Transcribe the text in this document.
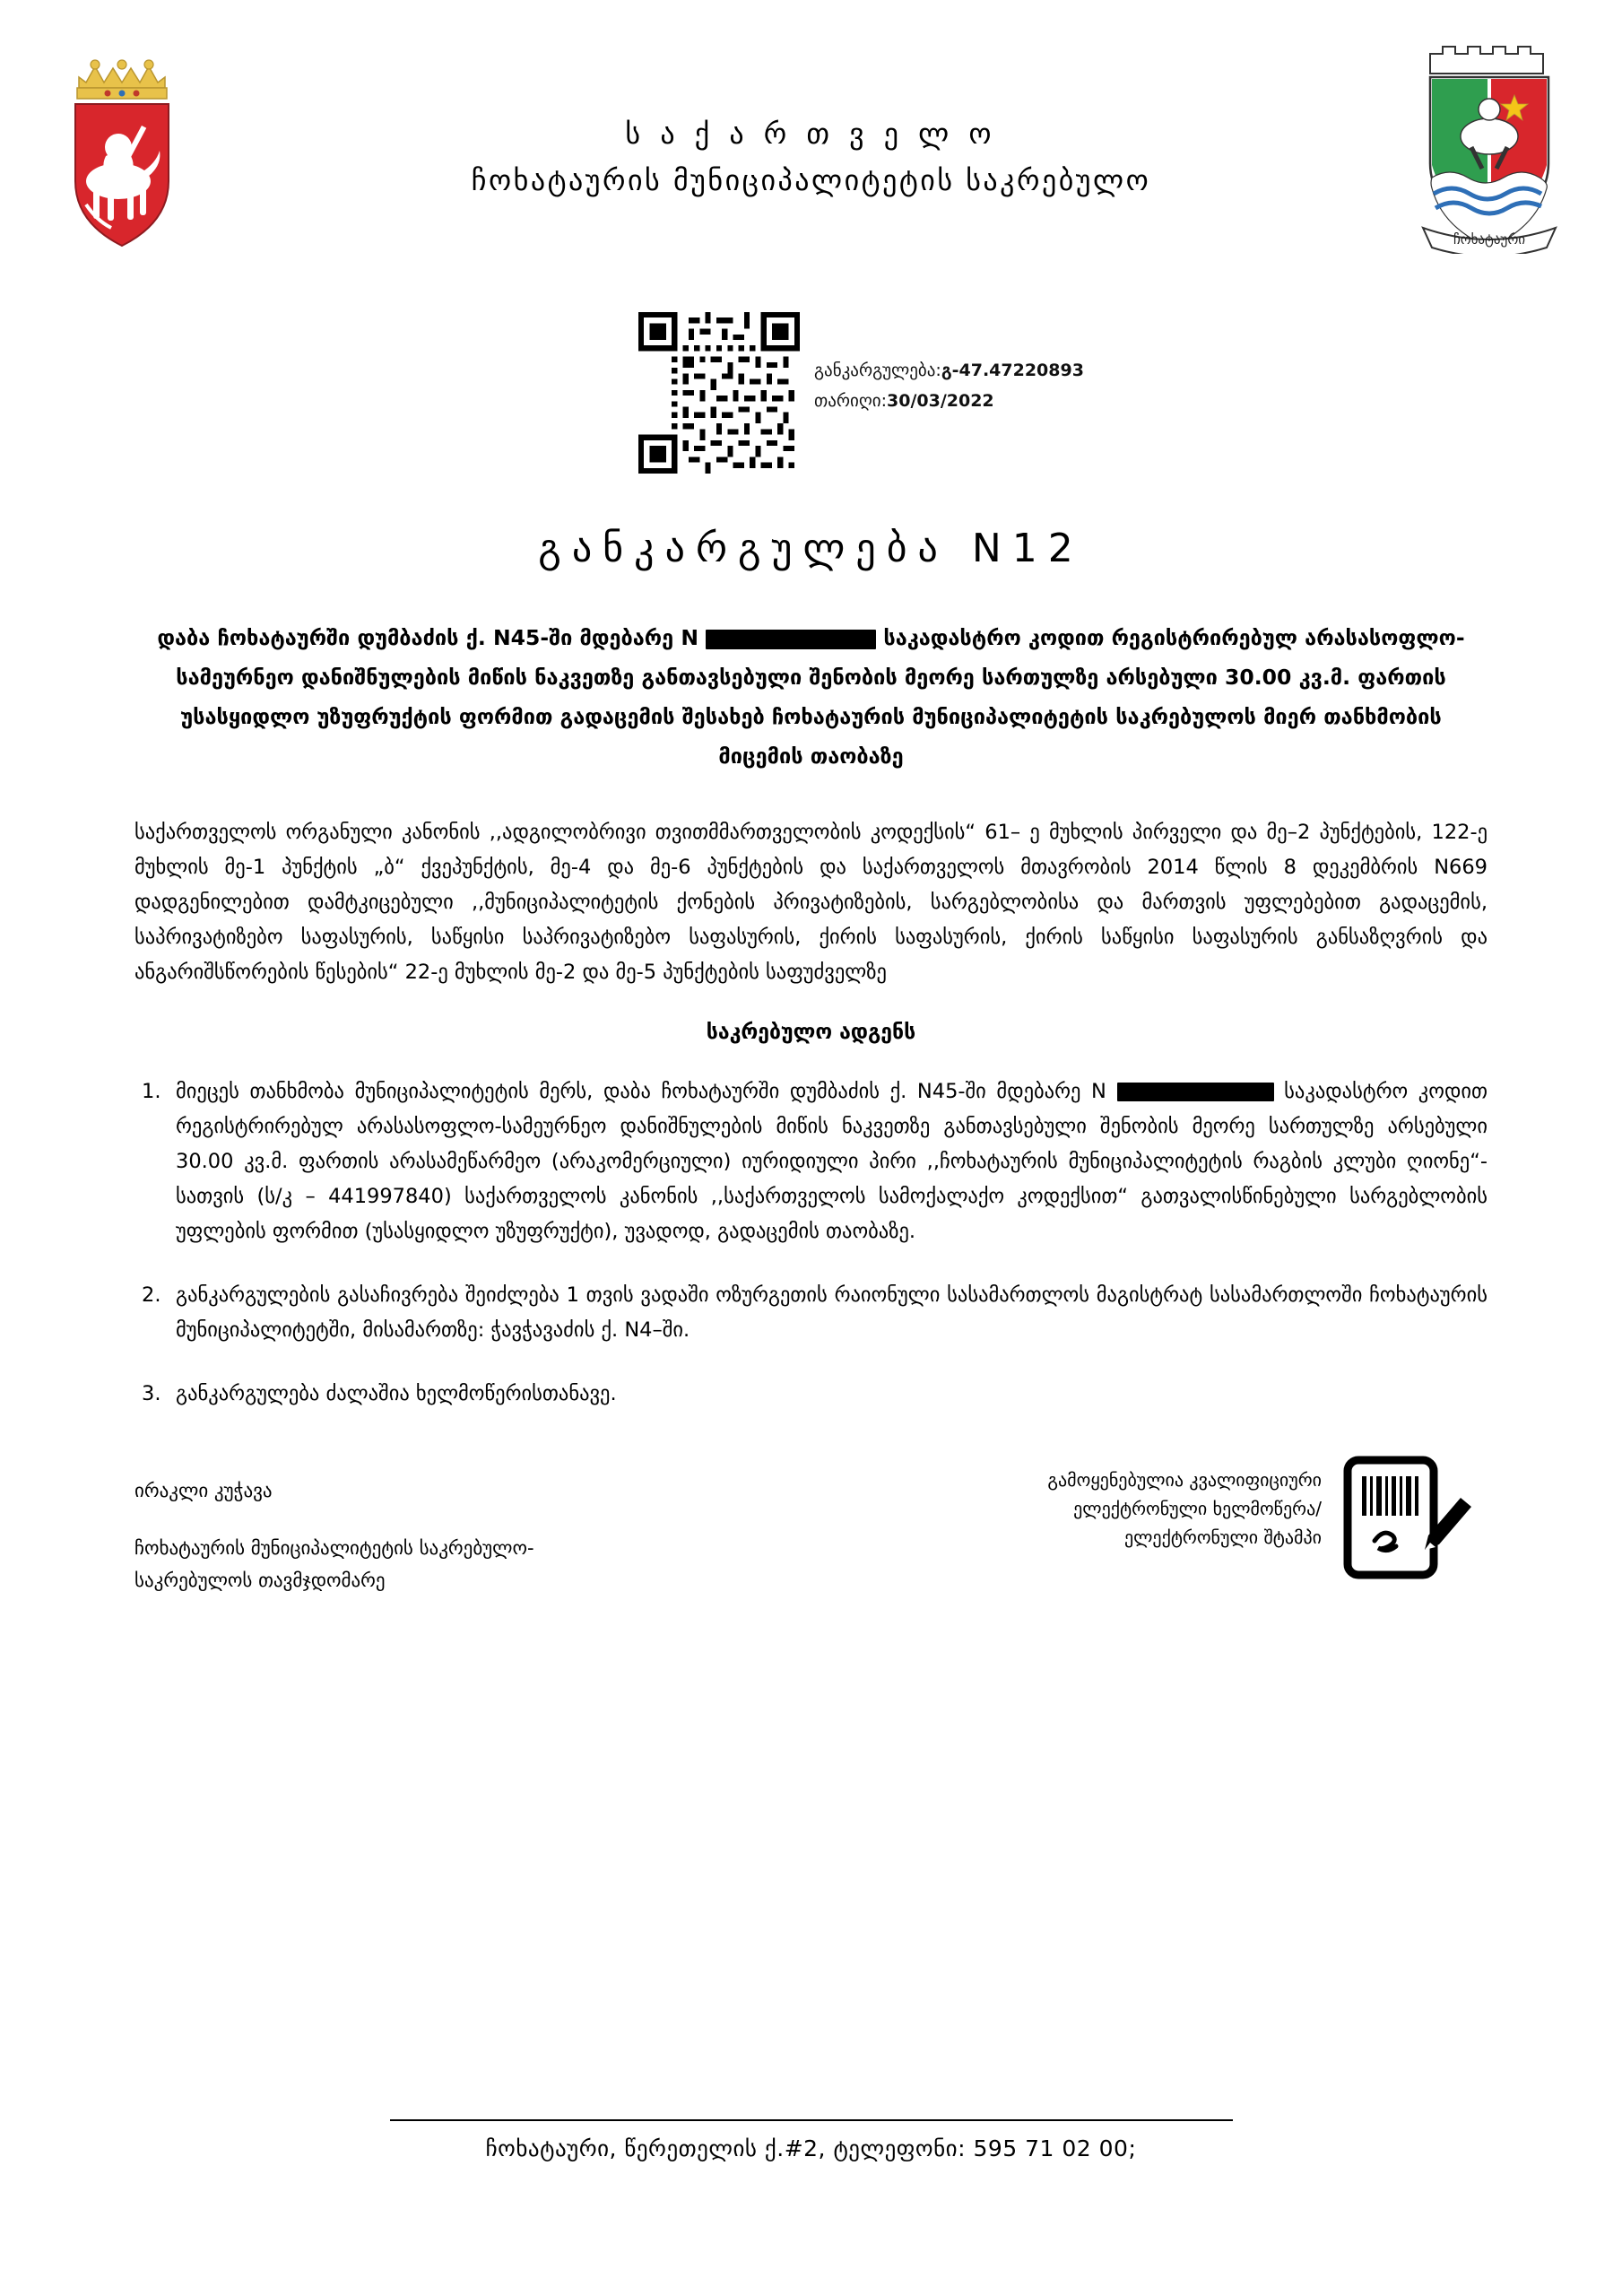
ჩოხატაური
ს ა ქ ა რ თ ვ ე ლ ო
ჩოხატაურის მუნიციპალიტეტის საკრებულო
განკარგულება:გ-47.47220893
თარიღი:30/03/2022
განკარგულება N12
დაბა ჩოხატაურში დუმბაძის ქ. N45-ში მდებარე N	საკადასტრო კოდით რეგისტრირებულ არასასოფლო-სამეურნეო დანიშნულების მიწის ნაკვეთზე განთავსებული შენობის მეორე სართულზე არსებული 30.00 კვ.მ. ფართის უსასყიდლო უზუფრუქტის ფორმით გადაცემის შესახებ ჩოხატაურის მუნიციპალიტეტის საკრებულოს მიერ თანხმობის მიცემის თაობაზე
საქართველოს ორგანული კანონის ,,ადგილობრივი თვითმმართველობის კოდექსის“ 61– ე მუხლის პირველი და მე–2 პუნქტების, 122-ე მუხლის მე-1 პუნქტის „ბ“ ქვეპუნქტის, მე-4 და მე-6 პუნქტების და საქართველოს მთავრობის 2014 წლის 8 დეკემბრის N669 დადგენილებით დამტკიცებული ,,მუნიციპალიტეტის ქონების პრივატიზების, სარგებლობისა და მართვის უფლებებით გადაცემის, საპრივატიზებო საფასურის, საწყისი საპრივატიზებო საფასურის, ქირის საფასურის, ქირის საწყისი საფასურის განსაზღვრის და ანგარიშსწორების წესების“ 22-ე მუხლის მე-2 და მე-5 პუნქტების საფუძველზე
საკრებულო ადგენს
1. მიეცეს თანხმობა მუნიციპალიტეტის მერს, დაბა ჩოხატაურში დუმბაძის ქ. N45-ში მდებარე N	საკადასტრო კოდით რეგისტრირებულ არასასოფლო-სამეურნეო დანიშნულების მიწის ნაკვეთზე განთავსებული შენობის მეორე სართულზე არსებული 30.00 კვ.მ. ფართის არასამეწარმეო (არაკომერციული) იურიდიული პირი ,,ჩოხატაურის მუნიციპალიტეტის რაგბის კლუბი ღიონე“-სათვის (ს/კ – 441997840) საქართველოს კანონის ,,საქართველოს სამოქალაქო კოდექსით“ გათვალისწინებული სარგებლობის უფლების ფორმით (უსასყიდლო უზუფრუქტი), უვადოდ, გადაცემის თაობაზე.
2. განკარგულების გასაჩივრება შეიძლება 1 თვის ვადაში ოზურგეთის რაიონული სასამართლოს მაგისტრატ სასამართლოში ჩოხატაურის მუნიციპალიტეტში, მისამართზე: ჭავჭავაძის ქ. N4–ში.
3. განკარგულება ძალაშია ხელმოწერისთანავე.
ირაკლი კუჭავა
ჩოხატაურის მუნიციპალიტეტის საკრებულო-
საკრებულოს თავმჯდომარე
გამოყენებულია კვალიფიციური
ელექტრონული ხელმოწერა/
ელექტრონული შტამპი
ჩოხატაური, წერეთელის ქ.#2, ტელეფონი: 595 71 02 00;
